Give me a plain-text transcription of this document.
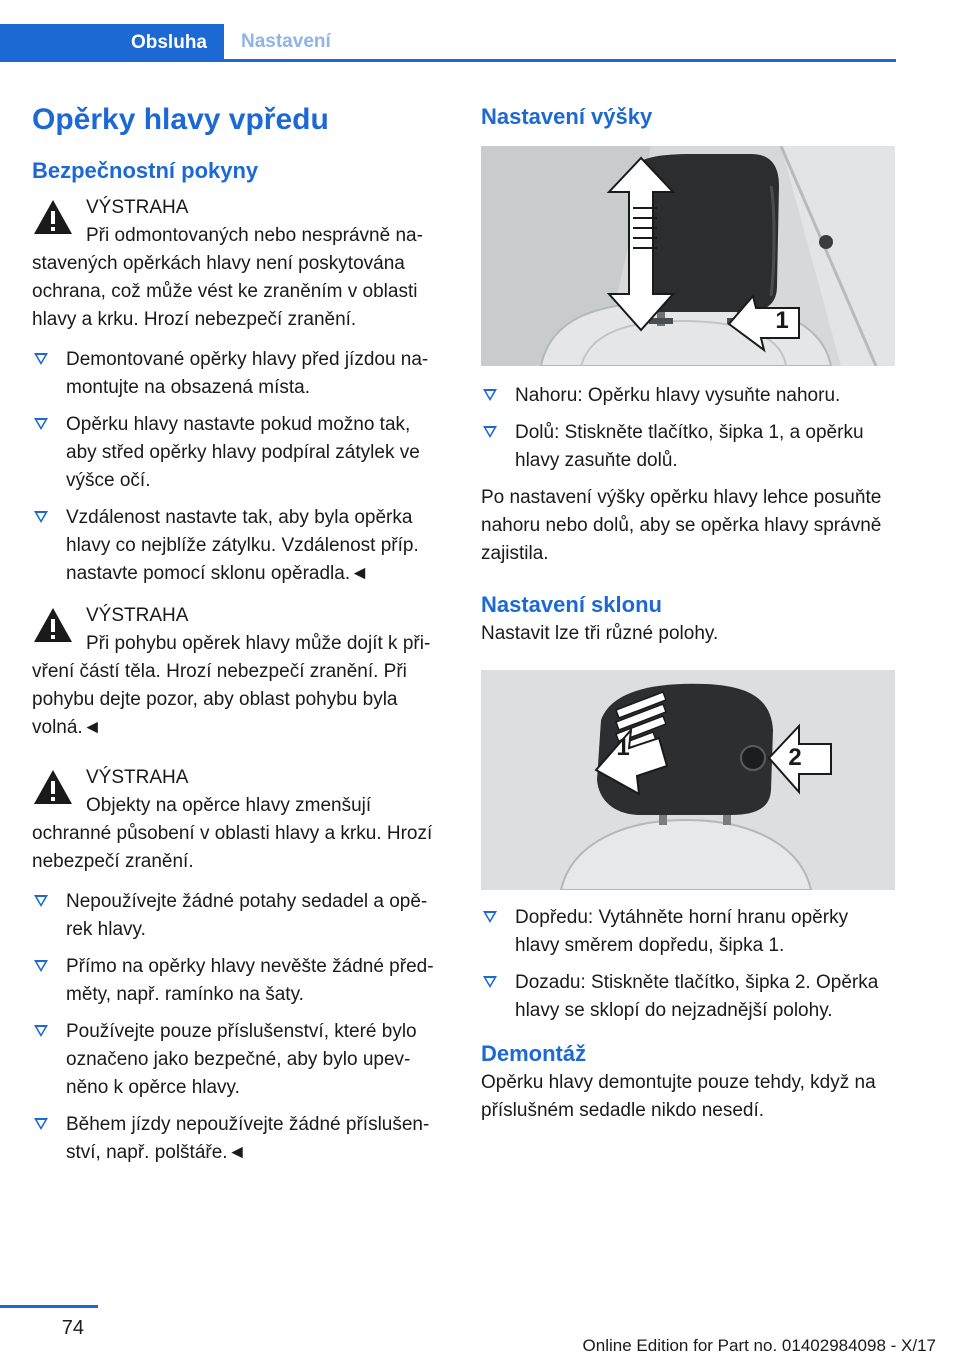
Obsluha	Nastavení
Opěrky hlavy vpředu
Bezpečnostní pokyny
VÝSTRAHA
Při odmontovaných nebo nesprávně na‐stavených opěrkách hlavy není poskytována ochrana, což může vést ke zraněním v oblasti hlavy a krku. Hrozí nebezpečí zranění.
Demontované opěrky hlavy před jízdou na‐montujte na obsazená místa.
Opěrku hlavy nastavte pokud možno tak, aby střed opěrky hlavy podpíral zátylek ve výšce očí.
Vzdálenost nastavte tak, aby byla opěrka hlavy co nejblíže zátylku. Vzdálenost příp. nastavte pomocí sklonu opěradla.◄
VÝSTRAHA
Při pohybu opěrek hlavy může dojít k při‐vření částí těla. Hrozí nebezpečí zranění. Při pohybu dejte pozor, aby oblast pohybu byla volná.◄
VÝSTRAHA
Objekty na opěrce hlavy zmenšují ochranné působení v oblasti hlavy a krku. Hrozí nebezpečí zranění.
Nepoužívejte žádné potahy sedadel a opě‐rek hlavy.
Přímo na opěrky hlavy nevěšte žádné před‐měty, např. ramínko na šaty.
Používejte pouze příslušenství, které bylo označeno jako bezpečné, aby bylo upev‐něno k opěrce hlavy.
Během jízdy nepoužívejte žádné příslušen‐ství, např. polštáře.◄
Nastavení výšky
1
Nahoru: Opěrku hlavy vysuňte nahoru.
Dolů: Stiskněte tlačítko, šipka 1, a opěrku hlavy zasuňte dolů.

Po nastavení výšky opěrku hlavy lehce posuňte nahoru nebo dolů, aby se opěrka hlavy správně zajistila.

Nastavení sklonu

Nastavit lze tři různé polohy.

1	2
Dopředu: Vytáhněte horní hranu opěrky hlavy směrem dopředu, šipka 1.
Dozadu: Stiskněte tlačítko, šipka 2. Opěrka hlavy se sklopí do nejzadnější polohy.
Demontáž

Opěrku hlavy demontujte pouze tehdy, když na příslušném sedadle nikdo nesedí.

74
Online Edition for Part no. 01402984098 - X/17
